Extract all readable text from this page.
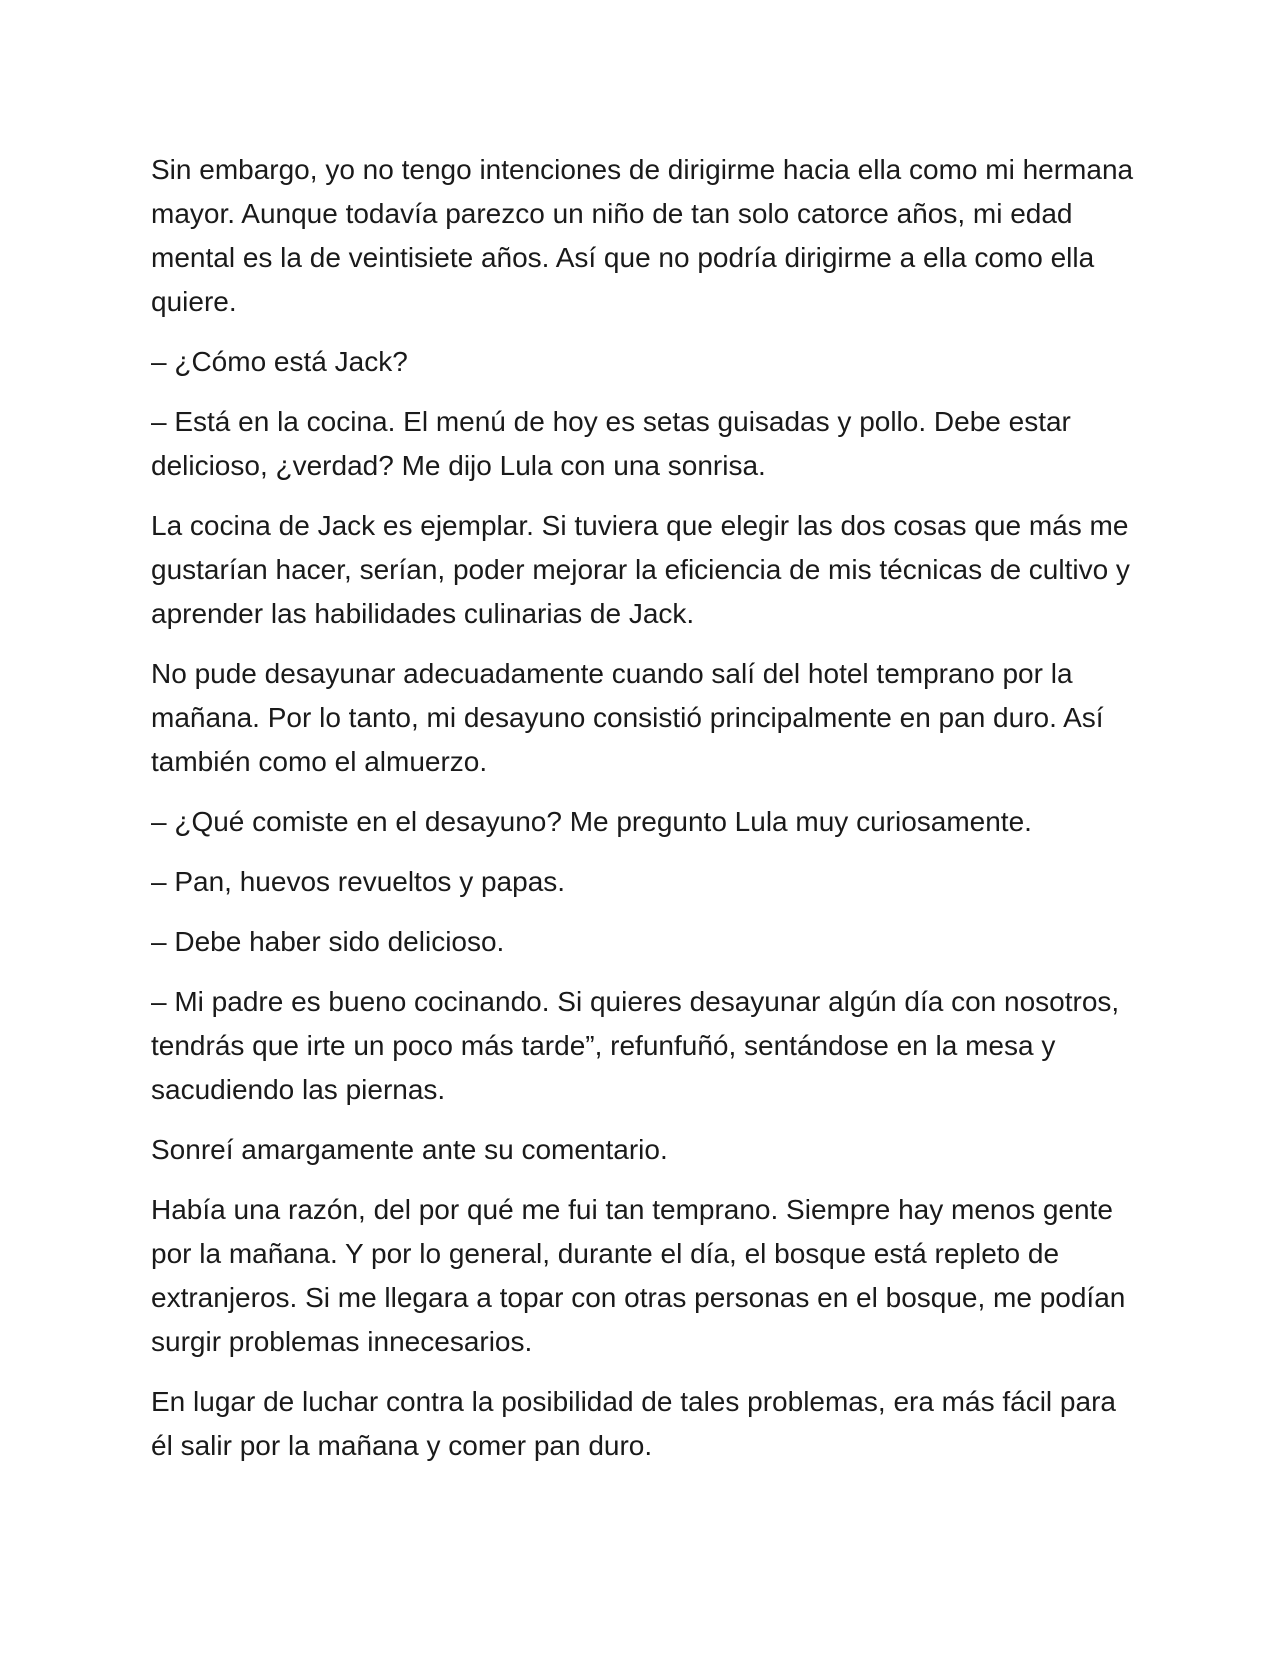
Sin embargo, yo no tengo intenciones de dirigirme hacia ella como mi hermana mayor. Aunque todavía parezco un niño de tan solo catorce años, mi edad mental es la de veintisiete años. Así que no podría dirigirme a ella como ella quiere.

– ¿Cómo está Jack?

– Está en la cocina. El menú de hoy es setas guisadas y pollo. Debe estar delicioso, ¿verdad? Me dijo Lula con una sonrisa.

La cocina de Jack es ejemplar. Si tuviera que elegir las dos cosas que más me gustarían hacer, serían, poder mejorar la eficiencia de mis técnicas de cultivo y aprender las habilidades culinarias de Jack.

No pude desayunar adecuadamente cuando salí del hotel temprano por la mañana. Por lo tanto, mi desayuno consistió principalmente en pan duro. Así también como el almuerzo.

– ¿Qué comiste en el desayuno? Me pregunto Lula muy curiosamente.

– Pan, huevos revueltos y papas.

– Debe haber sido delicioso.

– Mi padre es bueno cocinando. Si quieres desayunar algún día con nosotros, tendrás que irte un poco más tarde”, refunfuñó, sentándose en la mesa y sacudiendo las piernas.

Sonreí amargamente ante su comentario.

Había una razón, del por qué me fui tan temprano. Siempre hay menos gente por la mañana. Y por lo general, durante el día, el bosque está repleto de extranjeros. Si me llegara a topar con otras personas en el bosque, me podían surgir problemas innecesarios.

En lugar de luchar contra la posibilidad de tales problemas, era más fácil para él salir por la mañana y comer pan duro.
